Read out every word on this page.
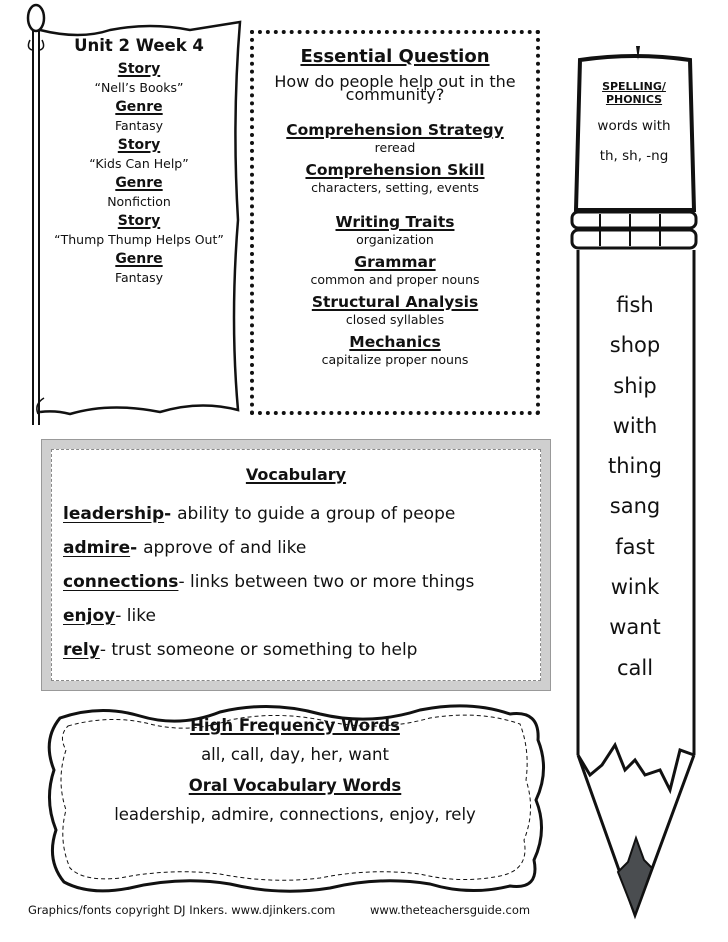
Unit 2 Week 4
Story
“Nell’s Books”
Genre
Fantasy
Story
“Kids Can Help”
Genre
Nonfiction
Story
“Thump Thump Helps Out”
Genre
Fantasy
Essential Question
How do people help out in the community?
Comprehension Strategy
reread
Comprehension Skill
characters, setting, events
Writing Traits
organization
Grammar
common and proper nouns
Structural Analysis
closed syllables
Mechanics
capitalize proper nouns
Vocabulary
leadership- ability to guide a group of peope
admire- approve of and like
connections- links between two or more things
enjoy- like
rely- trust someone or something to help
High Frequency Words
all, call, day, her, want
Oral Vocabulary Words
leadership, admire, connections, enjoy, rely
Graphics/fonts copyright DJ Inkers. www.djinkers.com	www.theteachersguide.com
SPELLING/
PHONICS
words with
th, sh, -ng
fish
shop
ship
with
thing
sang
fast
wink
want
call
